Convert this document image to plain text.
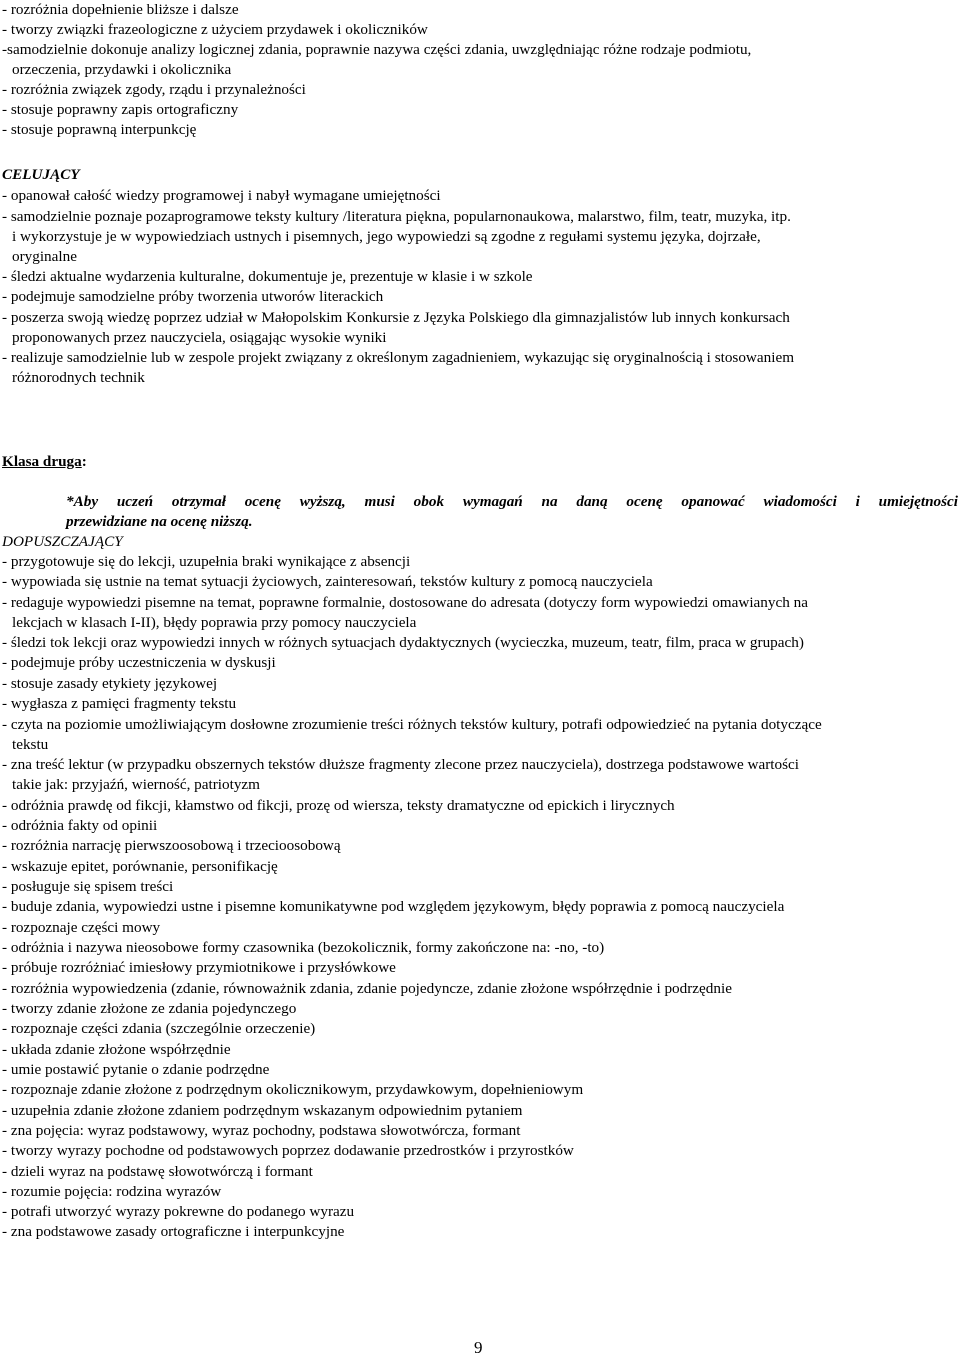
- rozróżnia dopełnienie bliższe i dalsze
- tworzy związki frazeologiczne z użyciem przydawek i okoliczników
-samodzielnie dokonuje analizy logicznej zdania, poprawnie nazywa części zdania, uwzględniając różne rodzaje podmiotu,
orzeczenia, przydawki i okolicznika
- rozróżnia związek zgody, rządu i przynależności
- stosuje poprawny zapis ortograficzny
- stosuje poprawną interpunkcję
CELUJĄCY
- opanował całość wiedzy programowej i nabył wymagane umiejętności
- samodzielnie poznaje pozaprogramowe teksty kultury /literatura piękna, popularnonaukowa, malarstwo, film, teatr, muzyka, itp.
i wykorzystuje je w wypowiedziach ustnych i pisemnych, jego wypowiedzi są zgodne z regułami systemu języka, dojrzałe,
oryginalne
- śledzi aktualne wydarzenia kulturalne, dokumentuje je, prezentuje w klasie i w szkole
- podejmuje samodzielne próby tworzenia utworów literackich
- poszerza swoją wiedzę poprzez udział w Małopolskim Konkursie z Języka Polskiego dla gimnazjalistów lub innych konkursach
proponowanych przez nauczyciela, osiągając wysokie wyniki
- realizuje samodzielnie lub w zespole projekt związany z określonym zagadnieniem, wykazując się oryginalnością i stosowaniem
różnorodnych technik
Klasa druga:
*Aby uczeń otrzymał ocenę wyższą, musi obok wymagań na daną ocenę opanować wiadomości i umiejętności
przewidziane na ocenę niższą.
DOPUSZCZAJĄCY
- przygotowuje się do lekcji, uzupełnia braki wynikające z absencji
- wypowiada się ustnie na temat sytuacji życiowych, zainteresowań, tekstów kultury z pomocą nauczyciela
- redaguje wypowiedzi pisemne na temat, poprawne formalnie, dostosowane do adresata (dotyczy form wypowiedzi omawianych na
lekcjach w klasach I-II), błędy poprawia przy pomocy nauczyciela
- śledzi tok lekcji oraz wypowiedzi innych w różnych sytuacjach dydaktycznych (wycieczka, muzeum, teatr, film, praca w grupach)
- podejmuje próby uczestniczenia w dyskusji
- stosuje zasady etykiety językowej
- wygłasza z pamięci fragmenty tekstu
- czyta na poziomie umożliwiającym dosłowne zrozumienie treści różnych tekstów kultury, potrafi odpowiedzieć na pytania dotyczące
tekstu
- zna treść lektur (w przypadku obszernych tekstów dłuższe fragmenty zlecone przez nauczyciela), dostrzega podstawowe wartości
takie jak: przyjaźń, wierność, patriotyzm
- odróżnia prawdę od fikcji, kłamstwo od fikcji, prozę od wiersza, teksty dramatyczne od epickich i lirycznych
- odróżnia fakty od opinii
- rozróżnia narrację pierwszoosobową i trzecioosobową
- wskazuje epitet, porównanie, personifikację
- posługuje się spisem treści
- buduje zdania, wypowiedzi ustne i pisemne komunikatywne pod względem językowym, błędy poprawia z pomocą nauczyciela
- rozpoznaje części mowy
- odróżnia i nazywa nieosobowe formy czasownika (bezokolicznik, formy zakończone na: -no, -to)
- próbuje rozróżniać imiesłowy przymiotnikowe i przysłówkowe
- rozróżnia wypowiedzenia (zdanie, równoważnik zdania, zdanie pojedyncze, zdanie złożone współrzędnie i podrzędnie
- tworzy zdanie złożone ze zdania pojedynczego
- rozpoznaje części zdania (szczególnie orzeczenie)
- układa zdanie złożone współrzędnie
- umie postawić pytanie o zdanie podrzędne
- rozpoznaje zdanie złożone z podrzędnym okolicznikowym, przydawkowym, dopełnieniowym
- uzupełnia zdanie złożone zdaniem podrzędnym wskazanym odpowiednim pytaniem
- zna pojęcia: wyraz podstawowy, wyraz pochodny, podstawa słowotwórcza, formant
- tworzy wyrazy pochodne od podstawowych poprzez dodawanie przedrostków i przyrostków
- dzieli wyraz na podstawę słowotwórczą i formant
- rozumie pojęcia: rodzina wyrazów
- potrafi utworzyć wyrazy pokrewne do podanego wyrazu
- zna podstawowe zasady ortograficzne i interpunkcyjne
9
